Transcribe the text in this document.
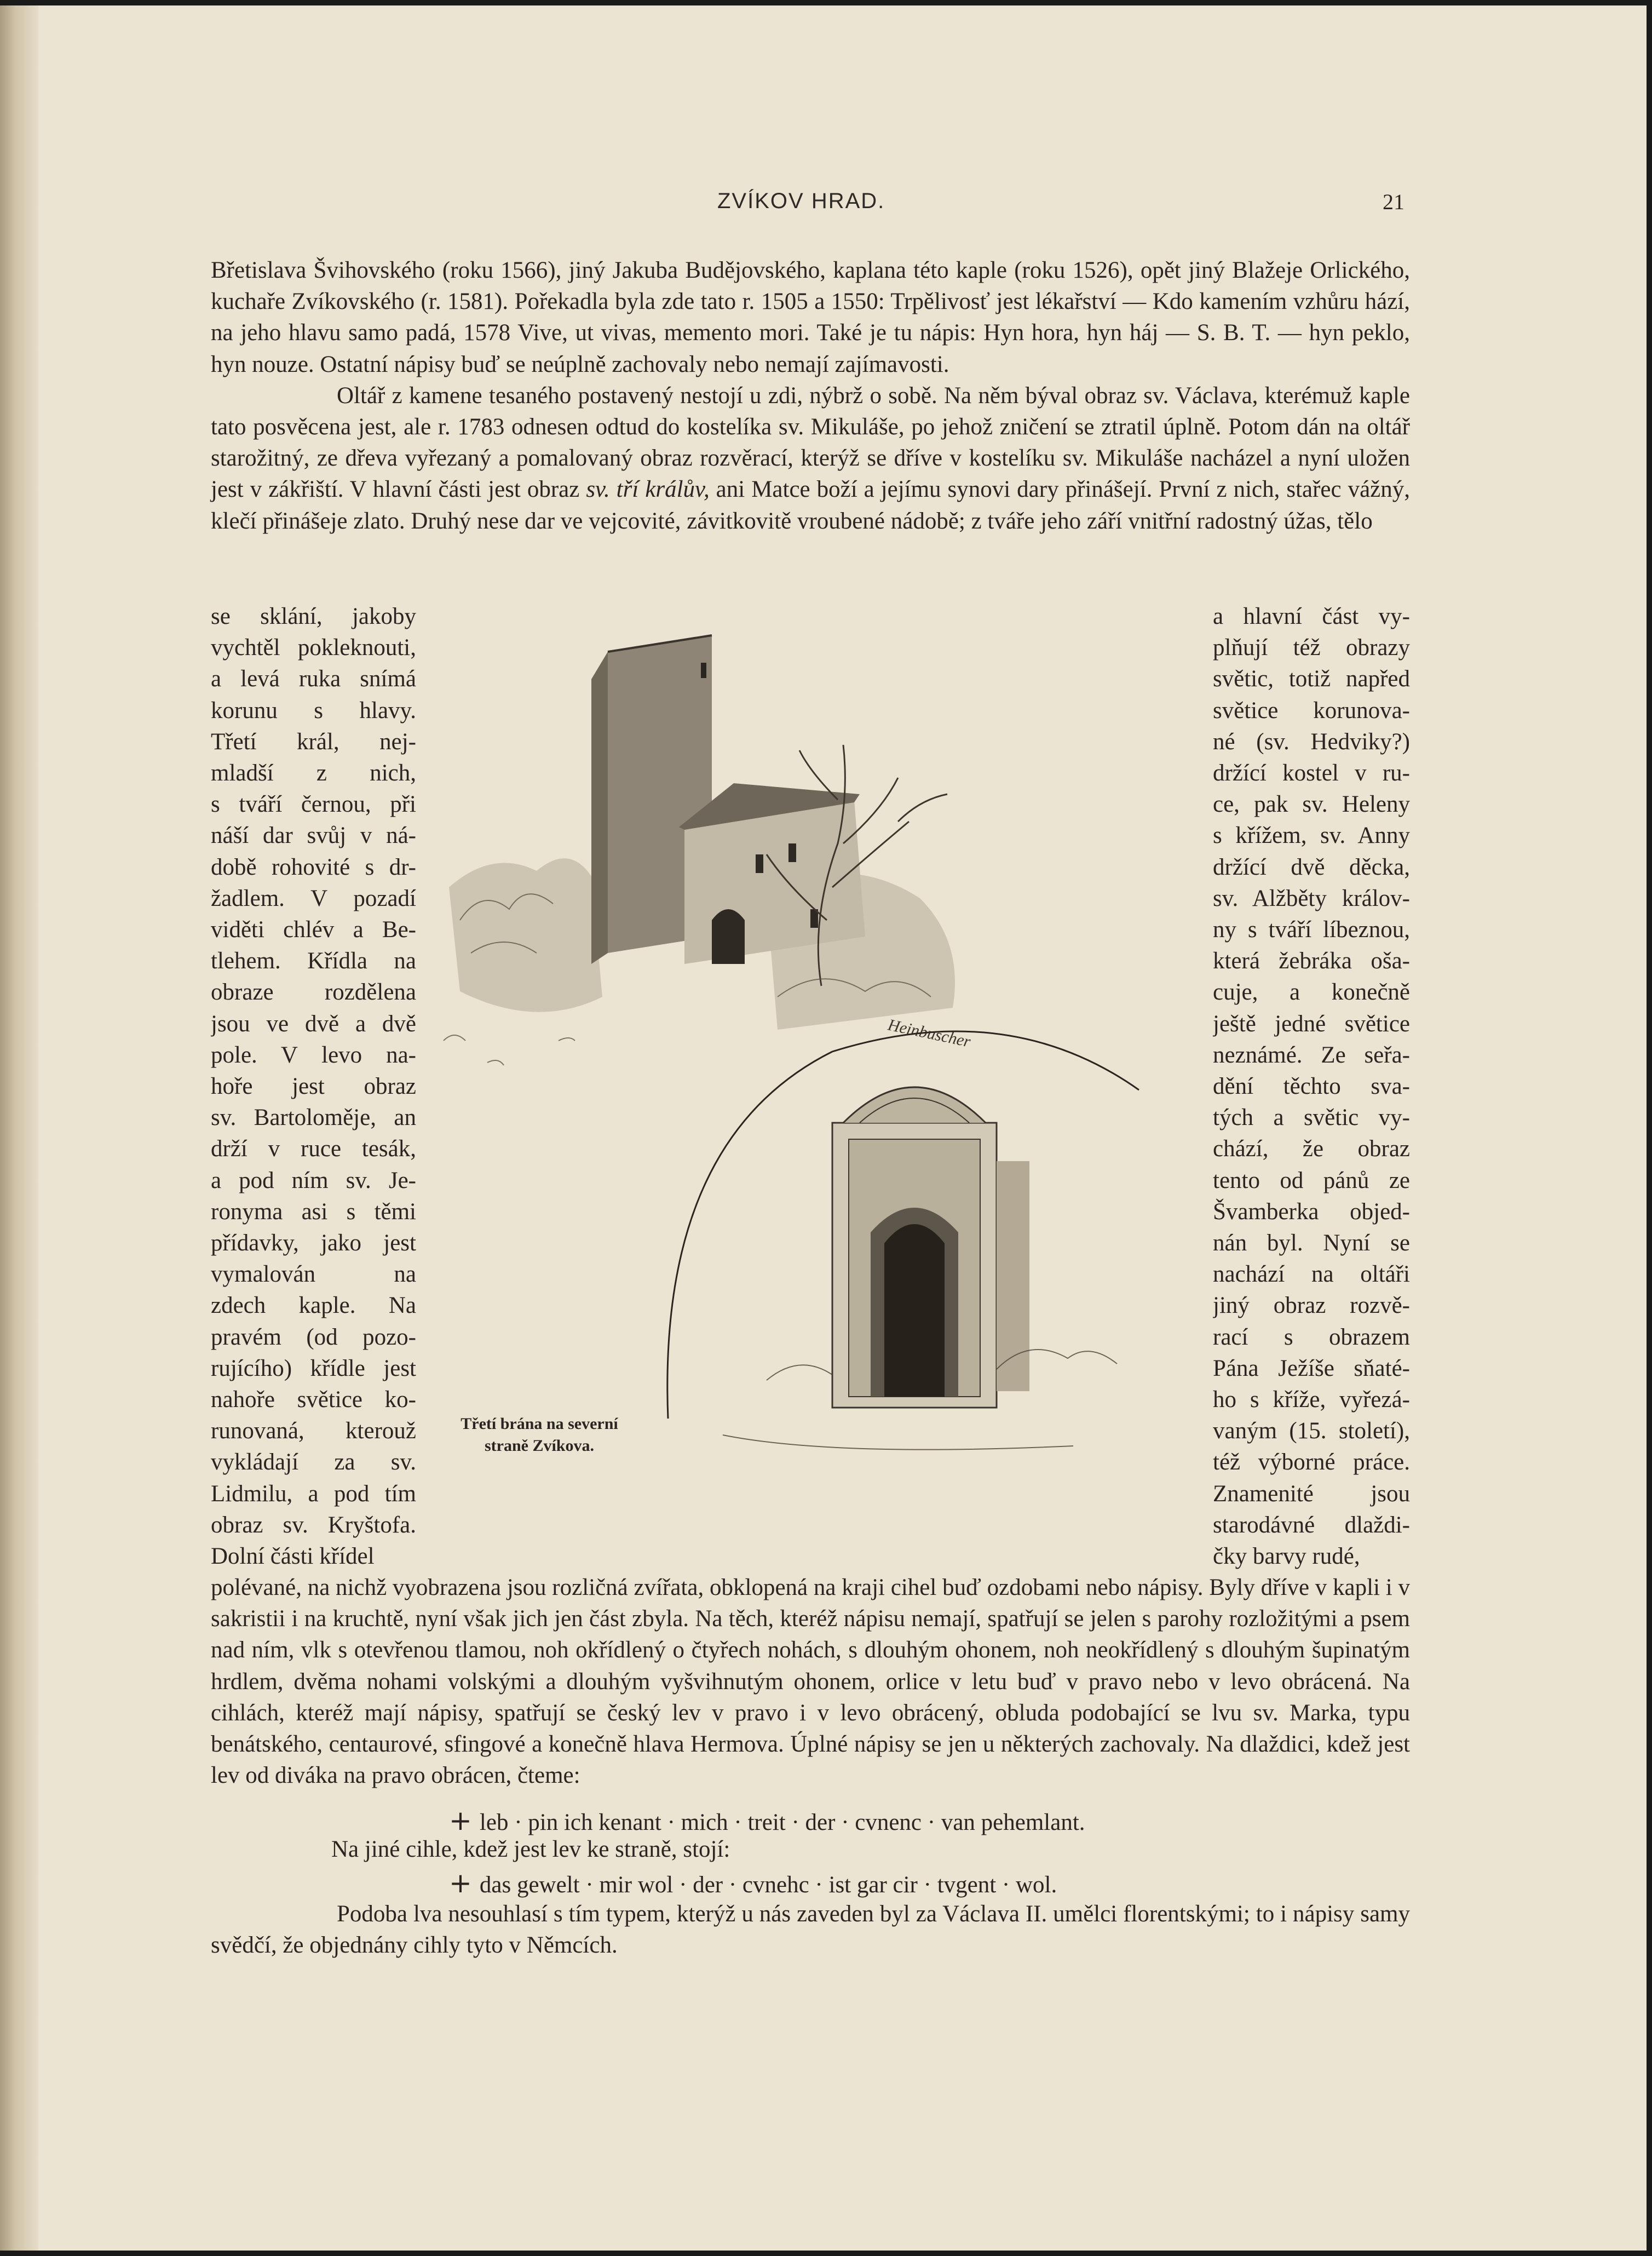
ZVÍKOV HRAD.	21

Břetislava Švihovského (roku 1566), jiný Jakuba Budějovského, kaplana této kaple (roku 1526), opět jiný Blažeje Orlického, kuchaře Zvíkovského (r. 1581). Pořekadla byla zde tato r. 1505 a 1550: Trpělivosť jest lékařství — Kdo kamením vzhůru hází, na jeho hlavu samo padá, 1578 Vive, ut vivas, memento mori. Také je tu nápis: Hyn hora, hyn háj — S. B. T. — hyn peklo, hyn nouze. Ostatní nápisy buď se neúplně zachovaly nebo nemají zajímavosti.

Oltář z kamene tesaného postavený nestojí u zdi, nýbrž o sobě. Na něm býval obraz sv. Václava, kterémuž kaple tato posvěcena jest, ale r. 1783 odnesen odtud do kostelíka sv. Mikuláše, po jehož zničení se ztratil úplně. Potom dán na oltář starožitný, ze dřeva vyřezaný a pomalovaný obraz rozvěrací, kterýž se dříve v kostelíku sv. Mikuláše nacházel a nyní uložen jest v zákřiští. V hlavní části jest obraz sv. tří králův, ani Matce boží a jejímu synovi dary přinášejí. První z nich, stařec vážný, klečí přinášeje zlato. Druhý nese dar ve vejcovité, závitkovitě vroubené nádobě; z tváře jeho září vnitřní radostný úžas, tělo

se sklání, jakoby
vychtěl pokleknouti,
a levá ruka snímá
korunu s hlavy.
Třetí král, nej-
mladší z nich,
s tváří černou, při
náší dar svůj v ná-
době rohovité s dr-
žadlem. V pozadí
viděti chlév a Be-
tlehem. Křídla na
obraze rozdělena
jsou ve dvě a dvě
pole. V levo na-
hoře jest obraz
sv. Bartoloměje, an
drží v ruce tesák,
a pod ním sv. Je-
ronyma asi s těmi
přídavky, jako jest
vymalován na
zdech kaple. Na
pravém (od pozo-
rujícího) křídle jest
nahoře světice ko-
runovaná, kterouž
vykládají za sv.
Lidmilu, a pod tím
obraz sv. Kryštofa.
Dolní části křídel

a hlavní část vy-
plňují též obrazy
světic, totiž napřed
světice korunova-
né (sv. Hedviky?)
držící kostel v ru-
ce, pak sv. Heleny
s křížem, sv. Anny
držící dvě děcka,
sv. Alžběty králov-
ny s tváří líbeznou,
která žebráka oša-
cuje, a konečně
ještě jedné světice
neznámé. Ze seřa-
dění těchto sva-
tých a světic vy-
chází, že obraz
tento od pánů ze
Švamberka objed-
nán byl. Nyní se
nachází na oltáři
jiný obraz rozvě-
rací s obrazem
Pána Ježíše sňaté-
ho s kříže, vyřezá-
vaným (15. století),
též výborné práce.
Znamenité jsou
starodávné dlaždi-
čky barvy rudé,

Heinbuscher
Třetí brána na severní
straně Zvíkova.

polévané, na nichž vyobrazena jsou rozličná zvířata, obklopená na kraji cihel buď ozdobami nebo nápisy. Byly dříve v kapli i v sakristii i na kruchtě, nyní však jich jen část zbyla. Na těch, kteréž nápisu nemají, spatřují se jelen s parohy rozložitými a psem nad ním, vlk s otevřenou tlamou, noh okřídlený o čtyřech nohách, s dlouhým ohonem, noh neokřídlený s dlouhým šupinatým hrdlem, dvěma nohami volskými a dlouhým vyšvihnutým ohonem, orlice v letu buď v pravo nebo v levo obrácená. Na cihlách, kteréž mají nápisy, spatřují se český lev v pravo i v levo obrácený, obluda podobající se lvu sv. Marka, typu benátského, centaurové, sfingové a konečně hlava Hermova. Úplné nápisy se jen u některých zachovaly. Na dlaždici, kdež jest lev od diváka na pravo obrácen, čteme:

+ leb · pin ich kenant · mich · treit · der · cvnenc · van pehemlant.
Na jiné cihle, kdež jest lev ke straně, stojí:
+ das gewelt · mir wol · der · cvnehc · ist gar cir · tvgent · wol.

Podoba lva nesouhlasí s tím typem, kterýž u nás zaveden byl za Václava II. umělci florentskými; to i nápisy samy svědčí, že objednány cihly tyto v Němcích.
